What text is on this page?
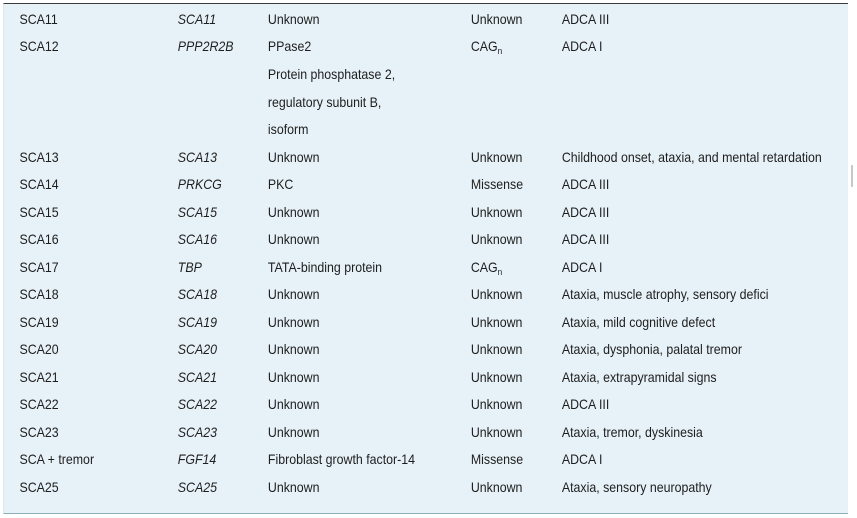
SCA11	SCA11	Unknown	Unknown	ADCA III
SCA12	PPP2R2B	PPase2	$CAG_n$	ADCA I
Protein phosphatase 2,
regulatory subunit B,
isoform
SCA13	SCA13	Unknown	Unknown	Childhood onset, ataxia, and mental retardation
SCA14	PRKCG	PKC	Missense	ADCA III
SCA15	SCA15	Unknown	Unknown	ADCA III
SCA16	SCA16	Unknown	Unknown	ADCA III
SCA17	TBP	TATA-binding protein	$CAG_n$	ADCA I
SCA18	SCA18	Unknown	Unknown	Ataxia, muscle atrophy, sensory defici
SCA19	SCA19	Unknown	Unknown	Ataxia, mild cognitive defect
SCA20	SCA20	Unknown	Unknown	Ataxia, dysphonia, palatal tremor
SCA21	SCA21	Unknown	Unknown	Ataxia, extrapyramidal signs
SCA22	SCA22	Unknown	Unknown	ADCA III
SCA23	SCA23	Unknown	Unknown	Ataxia, tremor, dyskinesia
SCA + tremor	FGF14	Fibroblast growth factor-14	Missense	ADCA I
SCA25	SCA25	Unknown	Unknown	Ataxia, sensory neuropathy
